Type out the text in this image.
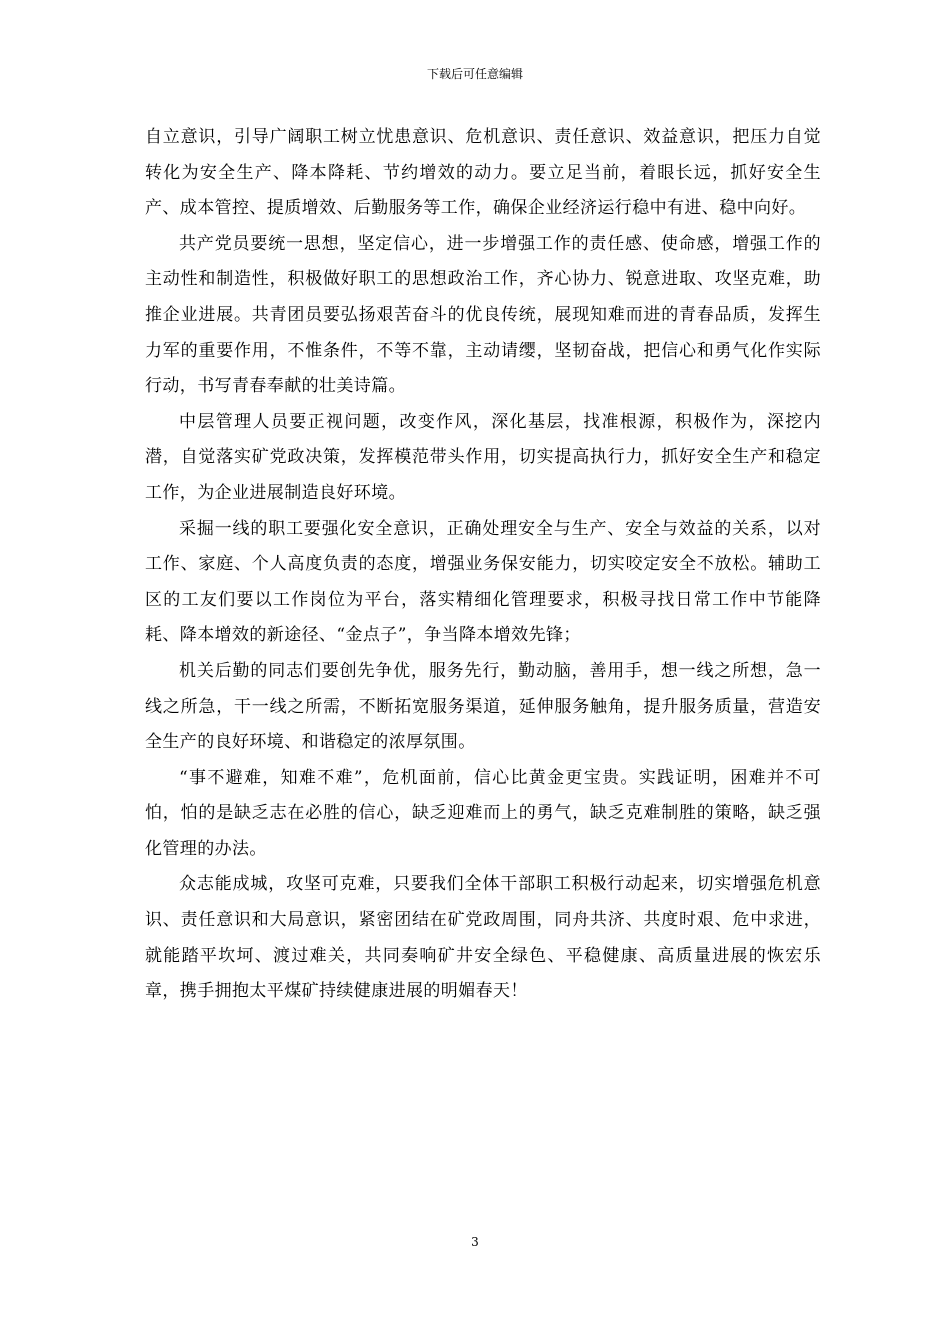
下载后可任意编辑

自立意识，引导广阔职工树立忧患意识、危机意识、责任意识、效益意识，把压力自觉转化为安全生产、降本降耗、节约增效的动力。要立足当前，着眼长远，抓好安全生产、成本管控、提质增效、后勤服务等工作，确保企业经济运行稳中有进、稳中向好。

共产党员要统一思想，坚定信心，进一步增强工作的责任感、使命感，增强工作的主动性和制造性，积极做好职工的思想政治工作，齐心协力、锐意进取、攻坚克难，助推企业进展。共青团员要弘扬艰苦奋斗的优良传统，展现知难而进的青春品质，发挥生力军的重要作用，不惟条件，不等不靠，主动请缨，坚韧奋战，把信心和勇气化作实际行动，书写青春奉献的壮美诗篇。

中层管理人员要正视问题，改变作风，深化基层，找准根源，积极作为，深挖内潜，自觉落实矿党政决策，发挥模范带头作用，切实提高执行力，抓好安全生产和稳定工作，为企业进展制造良好环境。

采掘一线的职工要强化安全意识，正确处理安全与生产、安全与效益的关系，以对工作、家庭、个人高度负责的态度，增强业务保安能力，切实咬定安全不放松。辅助工区的工友们要以工作岗位为平台，落实精细化管理要求，积极寻找日常工作中节能降耗、降本增效的新途径、“金点子”，争当降本增效先锋；

机关后勤的同志们要创先争优，服务先行，勤动脑，善用手，想一线之所想，急一线之所急，干一线之所需，不断拓宽服务渠道，延伸服务触角，提升服务质量，营造安全生产的良好环境、和谐稳定的浓厚氛围。

“事不避难，知难不难”，危机面前，信心比黄金更宝贵。实践证明，困难并不可怕，怕的是缺乏志在必胜的信心，缺乏迎难而上的勇气，缺乏克难制胜的策略，缺乏强化管理的办法。

众志能成城，攻坚可克难，只要我们全体干部职工积极行动起来，切实增强危机意识、责任意识和大局意识，紧密团结在矿党政周围，同舟共济、共度时艰、危中求进，就能踏平坎坷、渡过难关，共同奏响矿井安全绿色、平稳健康、高质量进展的恢宏乐章，携手拥抱太平煤矿持续健康进展的明媚春天！

3
